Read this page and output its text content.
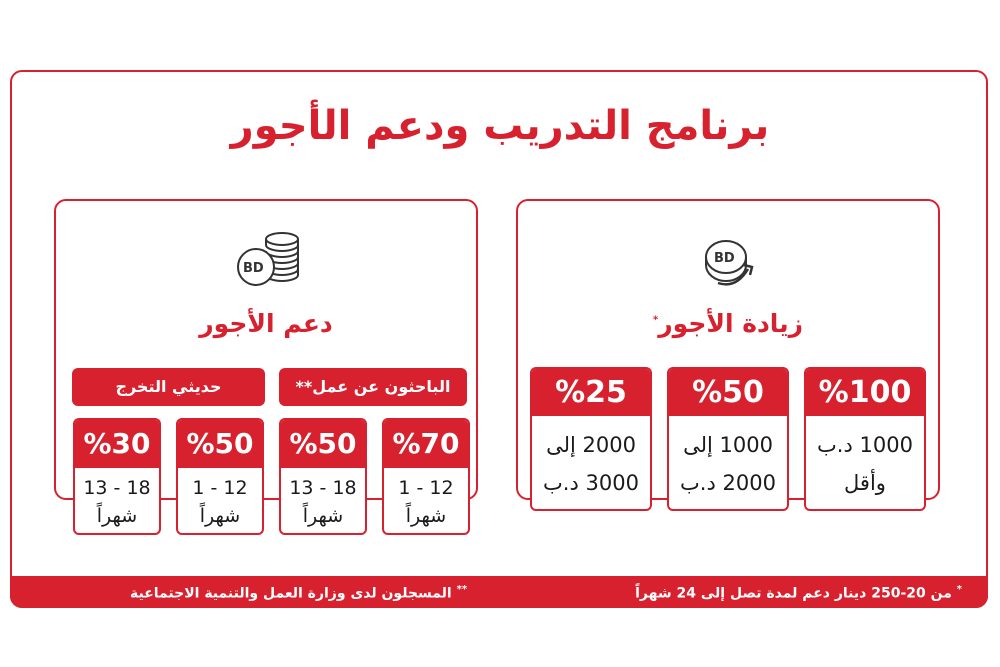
برنامج التدريب ودعم الأجور
BD
زيادة الأجور*
%100
1000 د.ب
وأقل
%50
1000 إلى
2000 د.ب
%25
2000 إلى
3000 د.ب
BD
دعم الأجور
الباحثون عن عمل**
حديثي التخرج
%70
1 - 12
شهراً
%50
13 - 18
شهراً
%50
1 - 12
شهراً
%30
13 - 18
شهراً
* من 20-250 دينار دعم لمدة تصل إلى 24 شهراً
** المسجلون لدى وزارة العمل والتنمية الاجتماعية
